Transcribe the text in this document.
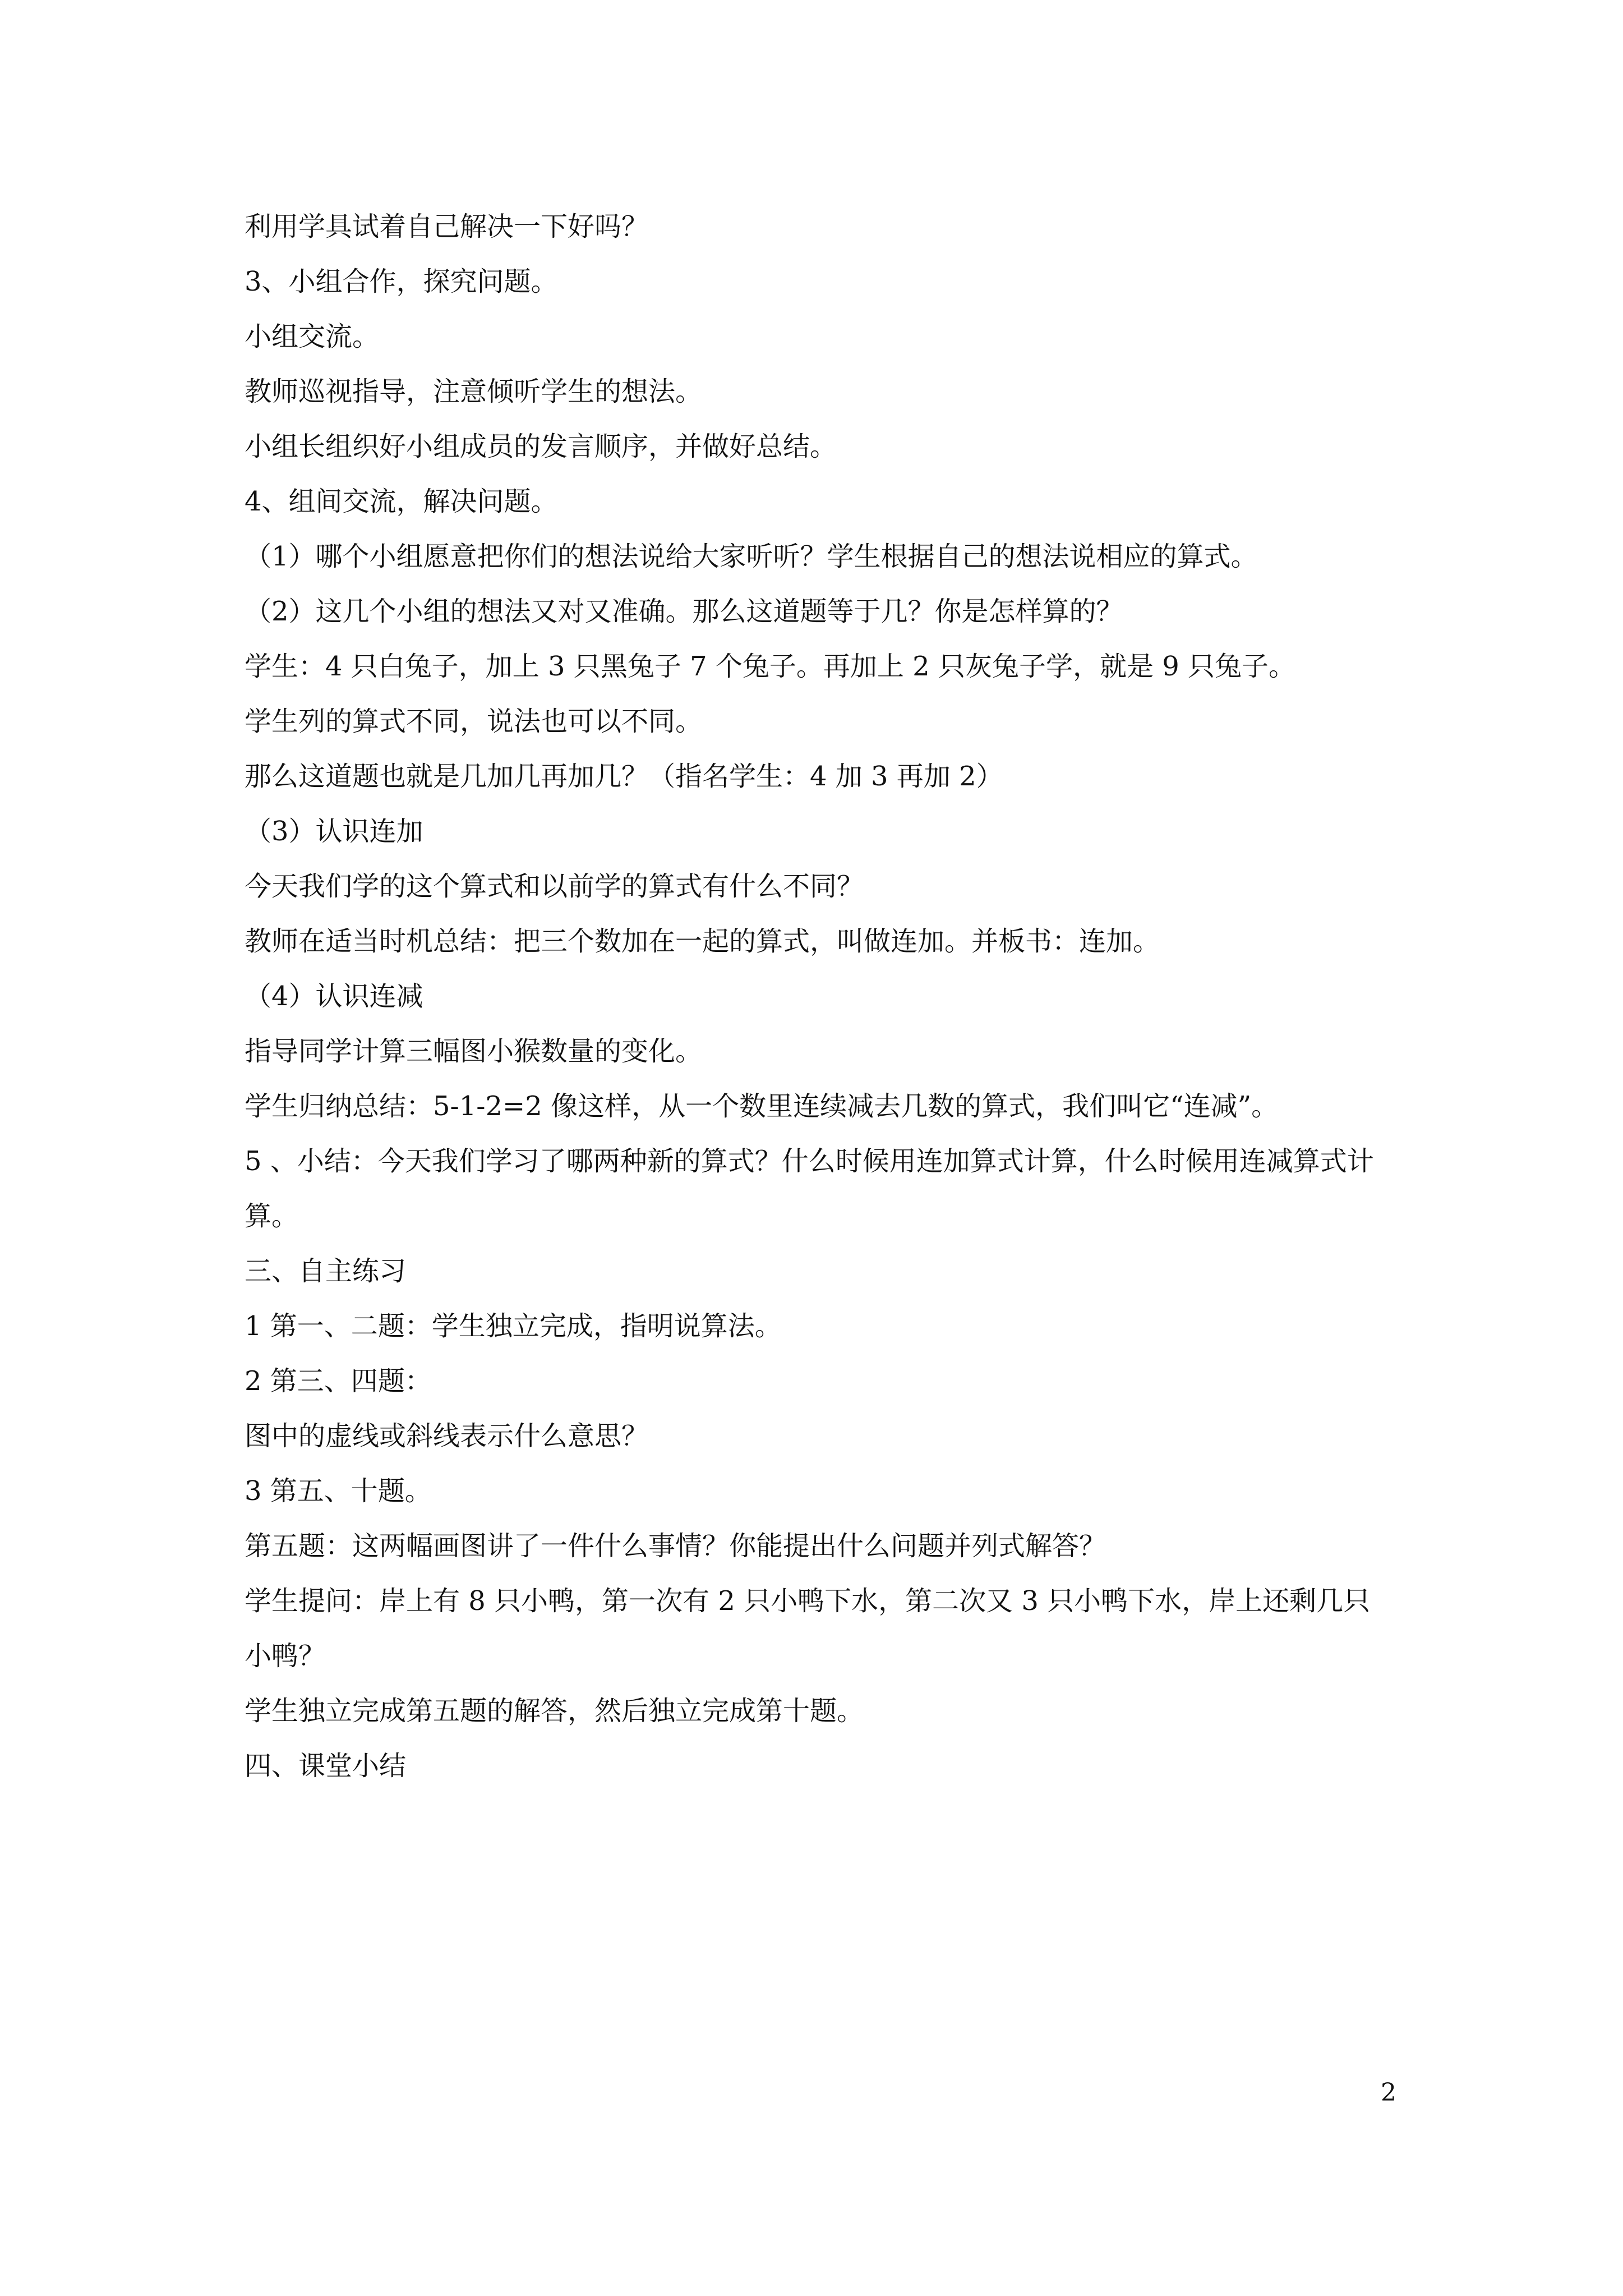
利用学具试着自己解决一下好吗？

3、小组合作，探究问题。

小组交流。

教师巡视指导，注意倾听学生的想法。

小组长组织好小组成员的发言顺序，并做好总结。

4、组间交流，解决问题。

（1）哪个小组愿意把你们的想法说给大家听听？学生根据自己的想法说相应的算式。

（2）这几个小组的想法又对又准确。那么这道题等于几？你是怎样算的？

学生：4 只白兔子，加上 3 只黑兔子 7 个兔子。再加上 2 只灰兔子学，就是 9 只兔子。

学生列的算式不同，说法也可以不同。

那么这道题也就是几加几再加几？（指名学生：4 加 3 再加 2）

（3）认识连加

今天我们学的这个算式和以前学的算式有什么不同？

教师在适当时机总结：把三个数加在一起的算式，叫做连加。并板书：连加。

（4）认识连减

指导同学计算三幅图小猴数量的变化。

学生归纳总结：5-1-2=2 像这样，从一个数里连续减去几数的算式，我们叫它“连减”。

5 、小结：今天我们学习了哪两种新的算式？什么时候用连加算式计算，什么时候用连减算式计算。

三、自主练习

1 第一、二题：学生独立完成，指明说算法。

2 第三、四题：

图中的虚线或斜线表示什么意思？

3 第五、十题。

第五题：这两幅画图讲了一件什么事情？你能提出什么问题并列式解答？

学生提问：岸上有 8 只小鸭，第一次有 2 只小鸭下水，第二次又 3 只小鸭下水，岸上还剩几只小鸭？

学生独立完成第五题的解答，然后独立完成第十题。

四、课堂小结

2
